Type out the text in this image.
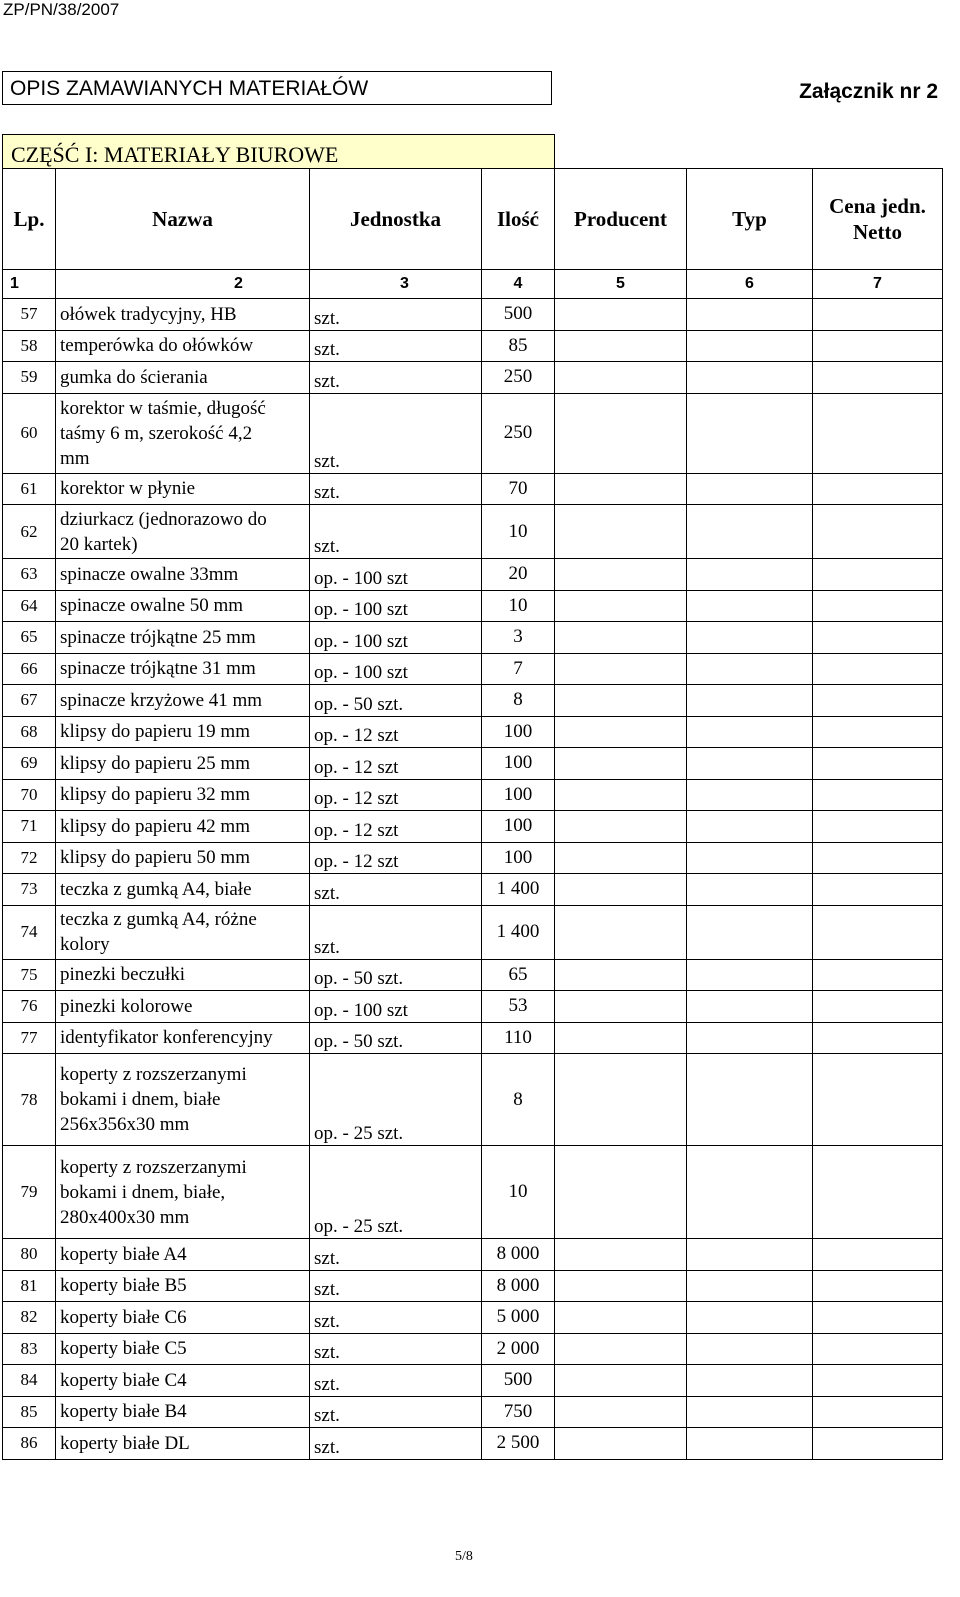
ZP/PN/38/2007
OPIS ZAMAWIANYCH MATERIAŁÓW	Załącznik nr 2
CZĘŚĆ I: MATERIAŁY BIUROWE
Lp.	Nazwa	Jednostka	Ilość	Producent	Typ	Cena jedn.
Netto
1	2	3	4	5	6	7
57	ołówek tradycyjny, HB	szt.	500			
58	temperówka do ołówków	szt.	85			
59	gumka do ścierania	szt.	250			
60	korektor w taśmie, długość
taśmy 6 m, szerokość 4,2
mm	szt.	250			
61	korektor w płynie	szt.	70			
62	dziurkacz (jednorazowo do
20 kartek)	szt.	10			
63	spinacze owalne 33mm	op. - 100 szt	20			
64	spinacze owalne 50 mm	op. - 100 szt	10			
65	spinacze trójkątne 25 mm	op. - 100 szt	3			
66	spinacze trójkątne 31 mm	op. - 100 szt	7			
67	spinacze krzyżowe 41 mm	op. - 50 szt.	8			
68	klipsy do papieru 19 mm	op. - 12 szt	100			
69	klipsy do papieru 25 mm	op. - 12 szt	100			
70	klipsy do papieru 32 mm	op. - 12 szt	100			
71	klipsy do papieru 42 mm	op. - 12 szt	100			
72	klipsy do papieru 50 mm	op. - 12 szt	100			
73	teczka z gumką A4, białe	szt.	1 400			
74	teczka z gumką A4, różne
kolory	szt.	1 400			
75	pinezki beczułki	op. - 50 szt.	65			
76	pinezki kolorowe	op. - 100 szt	53			
77	identyfikator konferencyjny	op. - 50 szt.	110			
78	koperty z rozszerzanymi
bokami i dnem, białe
256x356x30 mm	op. - 25 szt.	8			
79	koperty z rozszerzanymi
bokami i dnem, białe,
280x400x30 mm	op. - 25 szt.	10			
80	koperty białe A4	szt.	8 000			
81	koperty białe B5	szt.	8 000			
82	koperty białe C6	szt.	5 000			
83	koperty białe C5	szt.	2 000			
84	koperty białe C4	szt.	500			
85	koperty białe B4	szt.	750			
86	koperty białe DL	szt.	2 500			
5/8
